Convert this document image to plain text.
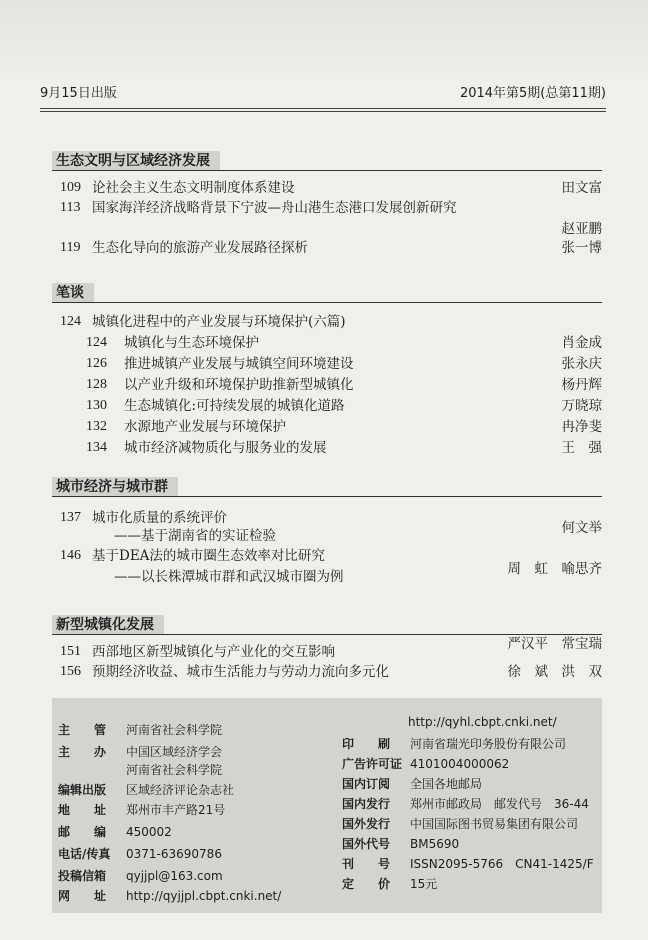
9月15日出版	2014年第5期(总第11期)
生态文明与区域经济发展
109 论社会主义生态文明制度体系建设	田文富
113 国家海洋经济战略背景下宁波—舟山港生态港口发展创新研究
赵亚鹏
119 生态化导向的旅游产业发展路径探析	张一博
笔谈
124 城镇化进程中的产业发展与环境保护(六篇)
124	城镇化与生态环境保护	肖金成
126	推进城镇产业发展与城镇空间环境建设	张永庆
128	以产业升级和环境保护助推新型城镇化	杨丹辉
130	生态城镇化:可持续发展的城镇化道路	万晓琼
132	水源地产业发展与环境保护	冉净斐
134	城市经济减物质化与服务业的发展	王　强
城市经济与城市群
137 城市化质量的系统评价
——基于湖南省的实证检验	何文举
146 基于DEA法的城市圈生态效率对比研究
——以长株潭城市群和武汉城市圈为例	周　虹　喻思齐
新型城镇化发展
151 西部地区新型城镇化与产业化的交互影响	严汉平　常宝瑞
156 预期经济收益、城市生活能力与劳动力流向多元化	徐　斌　洪　双
主　　管	河南省社会科学院
主　　办	中国区域经济学会
河南省社会科学院
编辑出版	区域经济评论杂志社
地　　址	郑州市丰产路21号
邮　　编	450002
电话/传真	0371-63690786
投稿信箱	qyjjpl@163.com
网　　址	http://qyjjpl.cbpt.cnki.net/
http://qyhl.cbpt.cnki.net/
印　　刷 河南省瑞光印务股份有限公司
广告许可证 4101004000062
国内订阅 全国各地邮局
国内发行 郑州市邮政局　邮发代号　36-44
国外发行 中国国际图书贸易集团有限公司
国外代号 BM5690
刊　　号 ISSN2095-5766　CN41-1425/F
定　　价 15元
